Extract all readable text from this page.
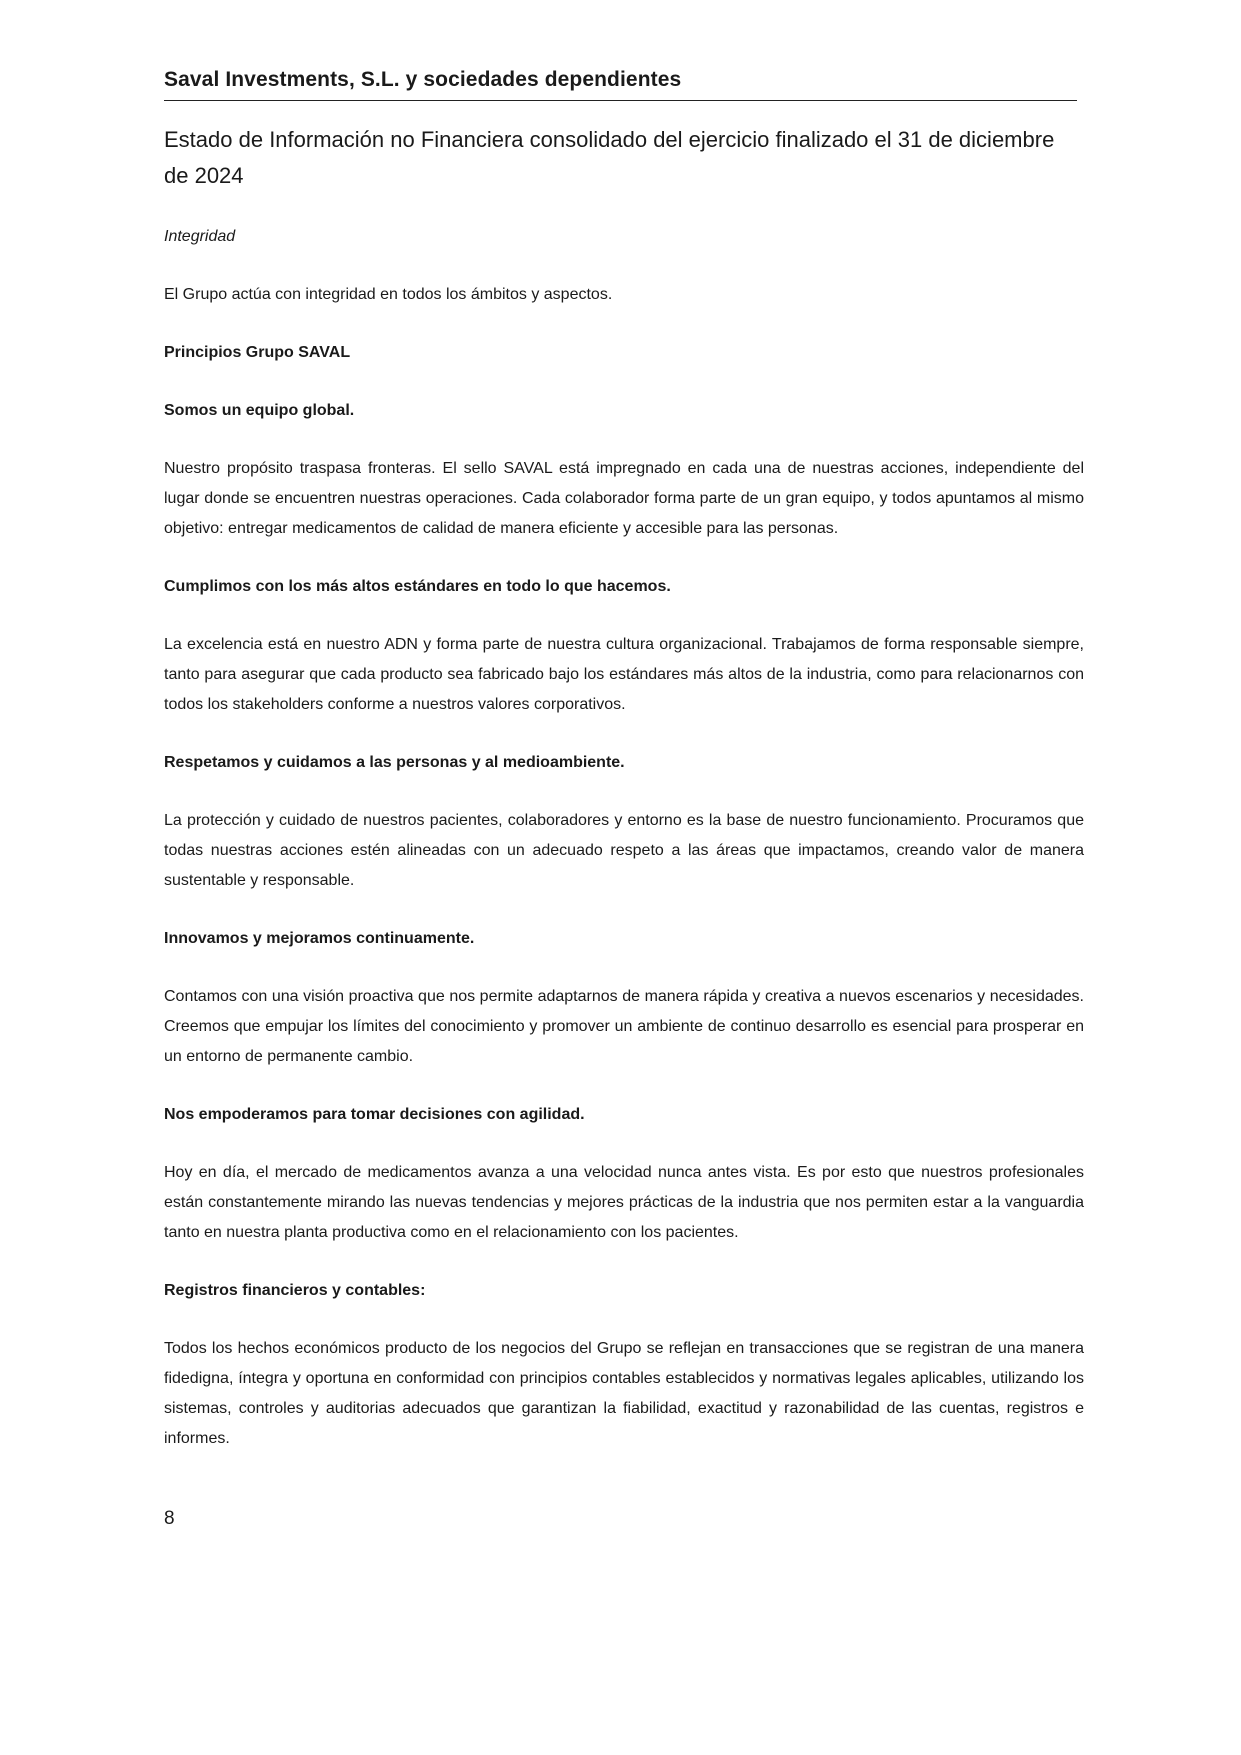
Saval Investments, S.L. y sociedades dependientes
Estado de Información no Financiera consolidado del ejercicio finalizado el 31 de diciembre de 2024

Integridad

El Grupo actúa con integridad en todos los ámbitos y aspectos.

Principios Grupo SAVAL

Somos un equipo global.

Nuestro propósito traspasa fronteras. El sello SAVAL está impregnado en cada una de nuestras acciones, independiente del lugar donde se encuentren nuestras operaciones. Cada colaborador forma parte de un gran equipo, y todos apuntamos al mismo objetivo: entregar medicamentos de calidad de manera eficiente y accesible para las personas.

Cumplimos con los más altos estándares en todo lo que hacemos.

La excelencia está en nuestro ADN y forma parte de nuestra cultura organizacional. Trabajamos de forma responsable siempre, tanto para asegurar que cada producto sea fabricado bajo los estándares más altos de la industria, como para relacionarnos con todos los stakeholders conforme a nuestros valores corporativos.

Respetamos y cuidamos a las personas y al medioambiente.

La protección y cuidado de nuestros pacientes, colaboradores y entorno es la base de nuestro funcionamiento. Procuramos que todas nuestras acciones estén alineadas con un adecuado respeto a las áreas que impactamos, creando valor de manera sustentable y responsable.

Innovamos y mejoramos continuamente.

Contamos con una visión proactiva que nos permite adaptarnos de manera rápida y creativa a nuevos escenarios y necesidades. Creemos que empujar los límites del conocimiento y promover un ambiente de continuo desarrollo es esencial para prosperar en un entorno de permanente cambio.

Nos empoderamos para tomar decisiones con agilidad.

Hoy en día, el mercado de medicamentos avanza a una velocidad nunca antes vista. Es por esto que nuestros profesionales están constantemente mirando las nuevas tendencias y mejores prácticas de la industria que nos permiten estar a la vanguardia tanto en nuestra planta productiva como en el relacionamiento con los pacientes.

Registros financieros y contables:

Todos los hechos económicos producto de los negocios del Grupo se reflejan en transacciones que se registran de una manera fidedigna, íntegra y oportuna en conformidad con principios contables establecidos y normativas legales aplicables, utilizando los sistemas, controles y auditorias adecuados que garantizan la fiabilidad, exactitud y razonabilidad de las cuentas, registros e informes.

8
